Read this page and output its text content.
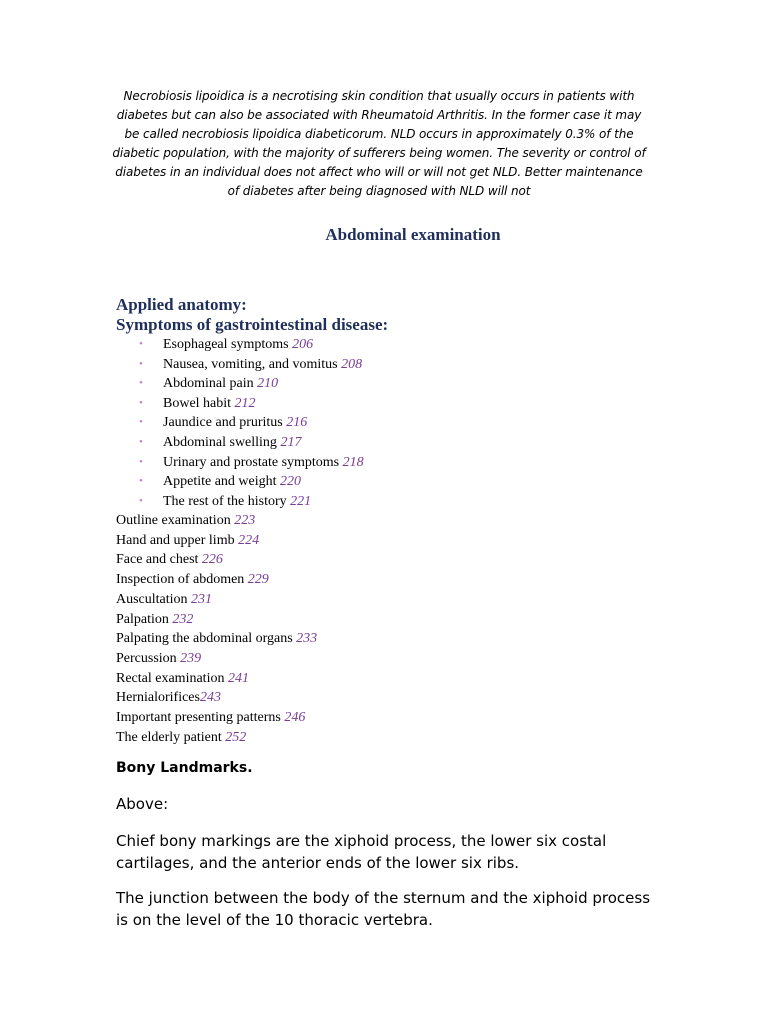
Necrobiosis lipoidica is a necrotising skin condition that usually occurs in patients with diabetes but can also be associated with Rheumatoid Arthritis. In the former case it may be called necrobiosis lipoidica diabeticorum. NLD occurs in approximately 0.3% of the diabetic population, with the majority of sufferers being women. The severity or control of diabetes in an individual does not affect who will or will not get NLD. Better maintenance of diabetes after being diagnosed with NLD will not

Abdominal examination
Applied anatomy:
Symptoms of gastrointestinal disease:
• Esophageal symptoms 206
• Nausea, vomiting, and vomitus 208
• Abdominal pain 210
• Bowel habit 212
• Jaundice and pruritus 216
• Abdominal swelling 217
• Urinary and prostate symptoms 218
• Appetite and weight 220
• The rest of the history 221
Outline examination 223
Hand and upper limb 224
Face and chest 226
Inspection of abdomen 229
Auscultation 231
Palpation 232
Palpating the abdominal organs 233
Percussion 239
Rectal examination 241
Hernialorifices243
Important presenting patterns 246
The elderly patient 252

Bony Landmarks.

Above:

Chief bony markings are the xiphoid process, the lower six costal cartilages, and the anterior ends of the lower six ribs.

The junction between the body of the sternum and the xiphoid process is on the level of the 10 thoracic vertebra.
